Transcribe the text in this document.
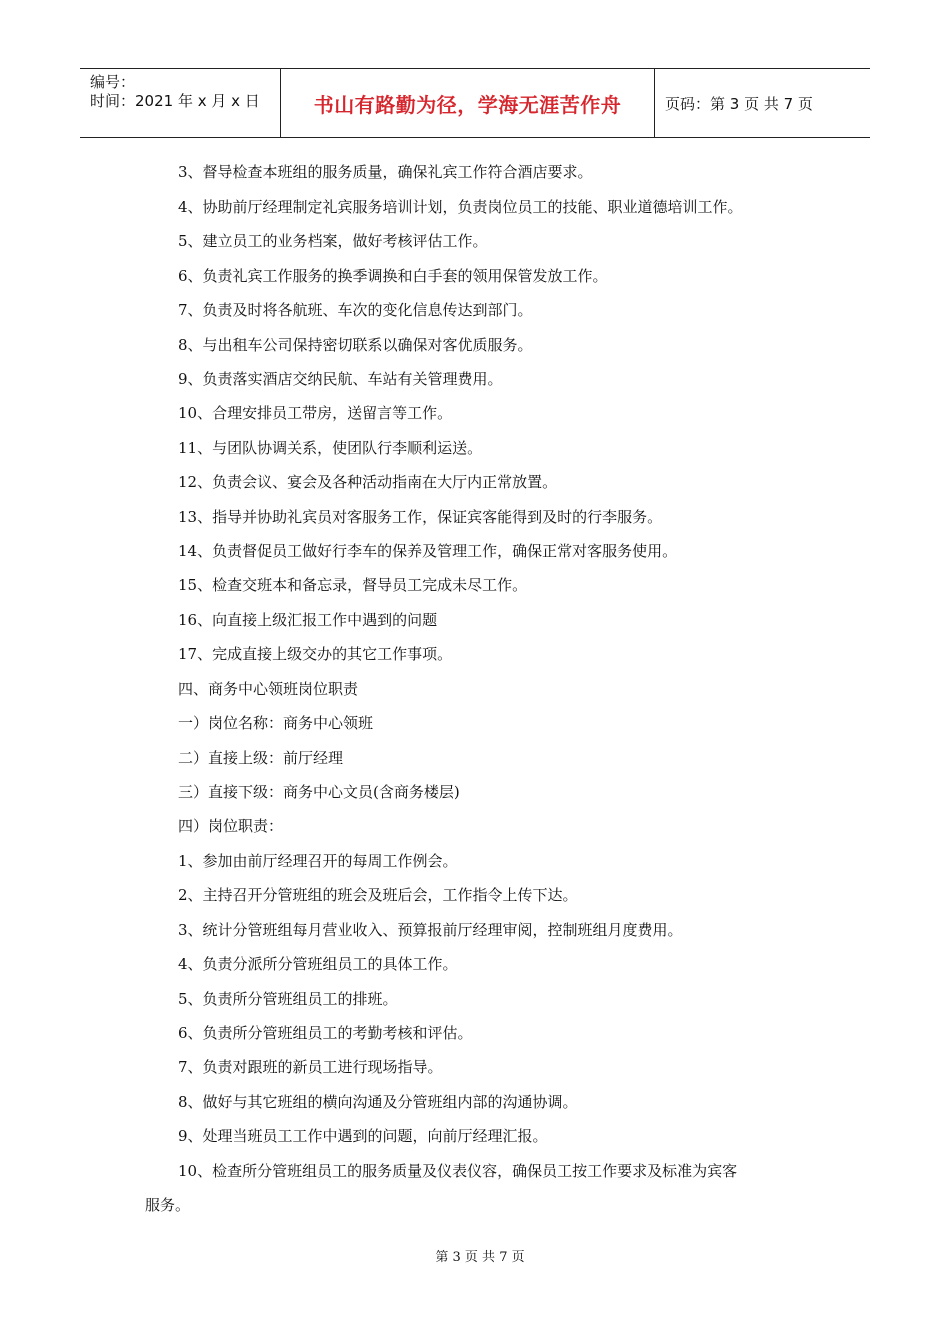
编号：
时间：2021 年 x 月 x 日	书山有路勤为径，学海无涯苦作舟	页码：第 3 页 共 7 页
3、督导检查本班组的服务质量，确保礼宾工作符合酒店要求。
4、协助前厅经理制定礼宾服务培训计划，负责岗位员工的技能、职业道德培训工作。
5、建立员工的业务档案，做好考核评估工作。
6、负责礼宾工作服务的换季调换和白手套的领用保管发放工作。
7、负责及时将各航班、车次的变化信息传达到部门。
8、与出租车公司保持密切联系以确保对客优质服务。
9、负责落实酒店交纳民航、车站有关管理费用。
10、合理安排员工带房，送留言等工作。
11、与团队协调关系，使团队行李顺利运送。
12、负责会议、宴会及各种活动指南在大厅内正常放置。
13、指导并协助礼宾员对客服务工作，保证宾客能得到及时的行李服务。
14、负责督促员工做好行李车的保养及管理工作，确保正常对客服务使用。
15、检查交班本和备忘录，督导员工完成未尽工作。
16、向直接上级汇报工作中遇到的问题
17、完成直接上级交办的其它工作事项。
四、商务中心领班岗位职责
一）岗位名称：商务中心领班
二）直接上级：前厅经理
三）直接下级：商务中心文员(含商务楼层)
四）岗位职责：
1、参加由前厅经理召开的每周工作例会。
2、主持召开分管班组的班会及班后会，工作指令上传下达。
3、统计分管班组每月营业收入、预算报前厅经理审阅，控制班组月度费用。
4、负责分派所分管班组员工的具体工作。
5、负责所分管班组员工的排班。
6、负责所分管班组员工的考勤考核和评估。
7、负责对跟班的新员工进行现场指导。
8、做好与其它班组的横向沟通及分管班组内部的沟通协调。
9、处理当班员工工作中遇到的问题，向前厅经理汇报。
10、检查所分管班组员工的服务质量及仪表仪容，确保员工按工作要求及标准为宾客
服务。
第 3 页 共 7 页
